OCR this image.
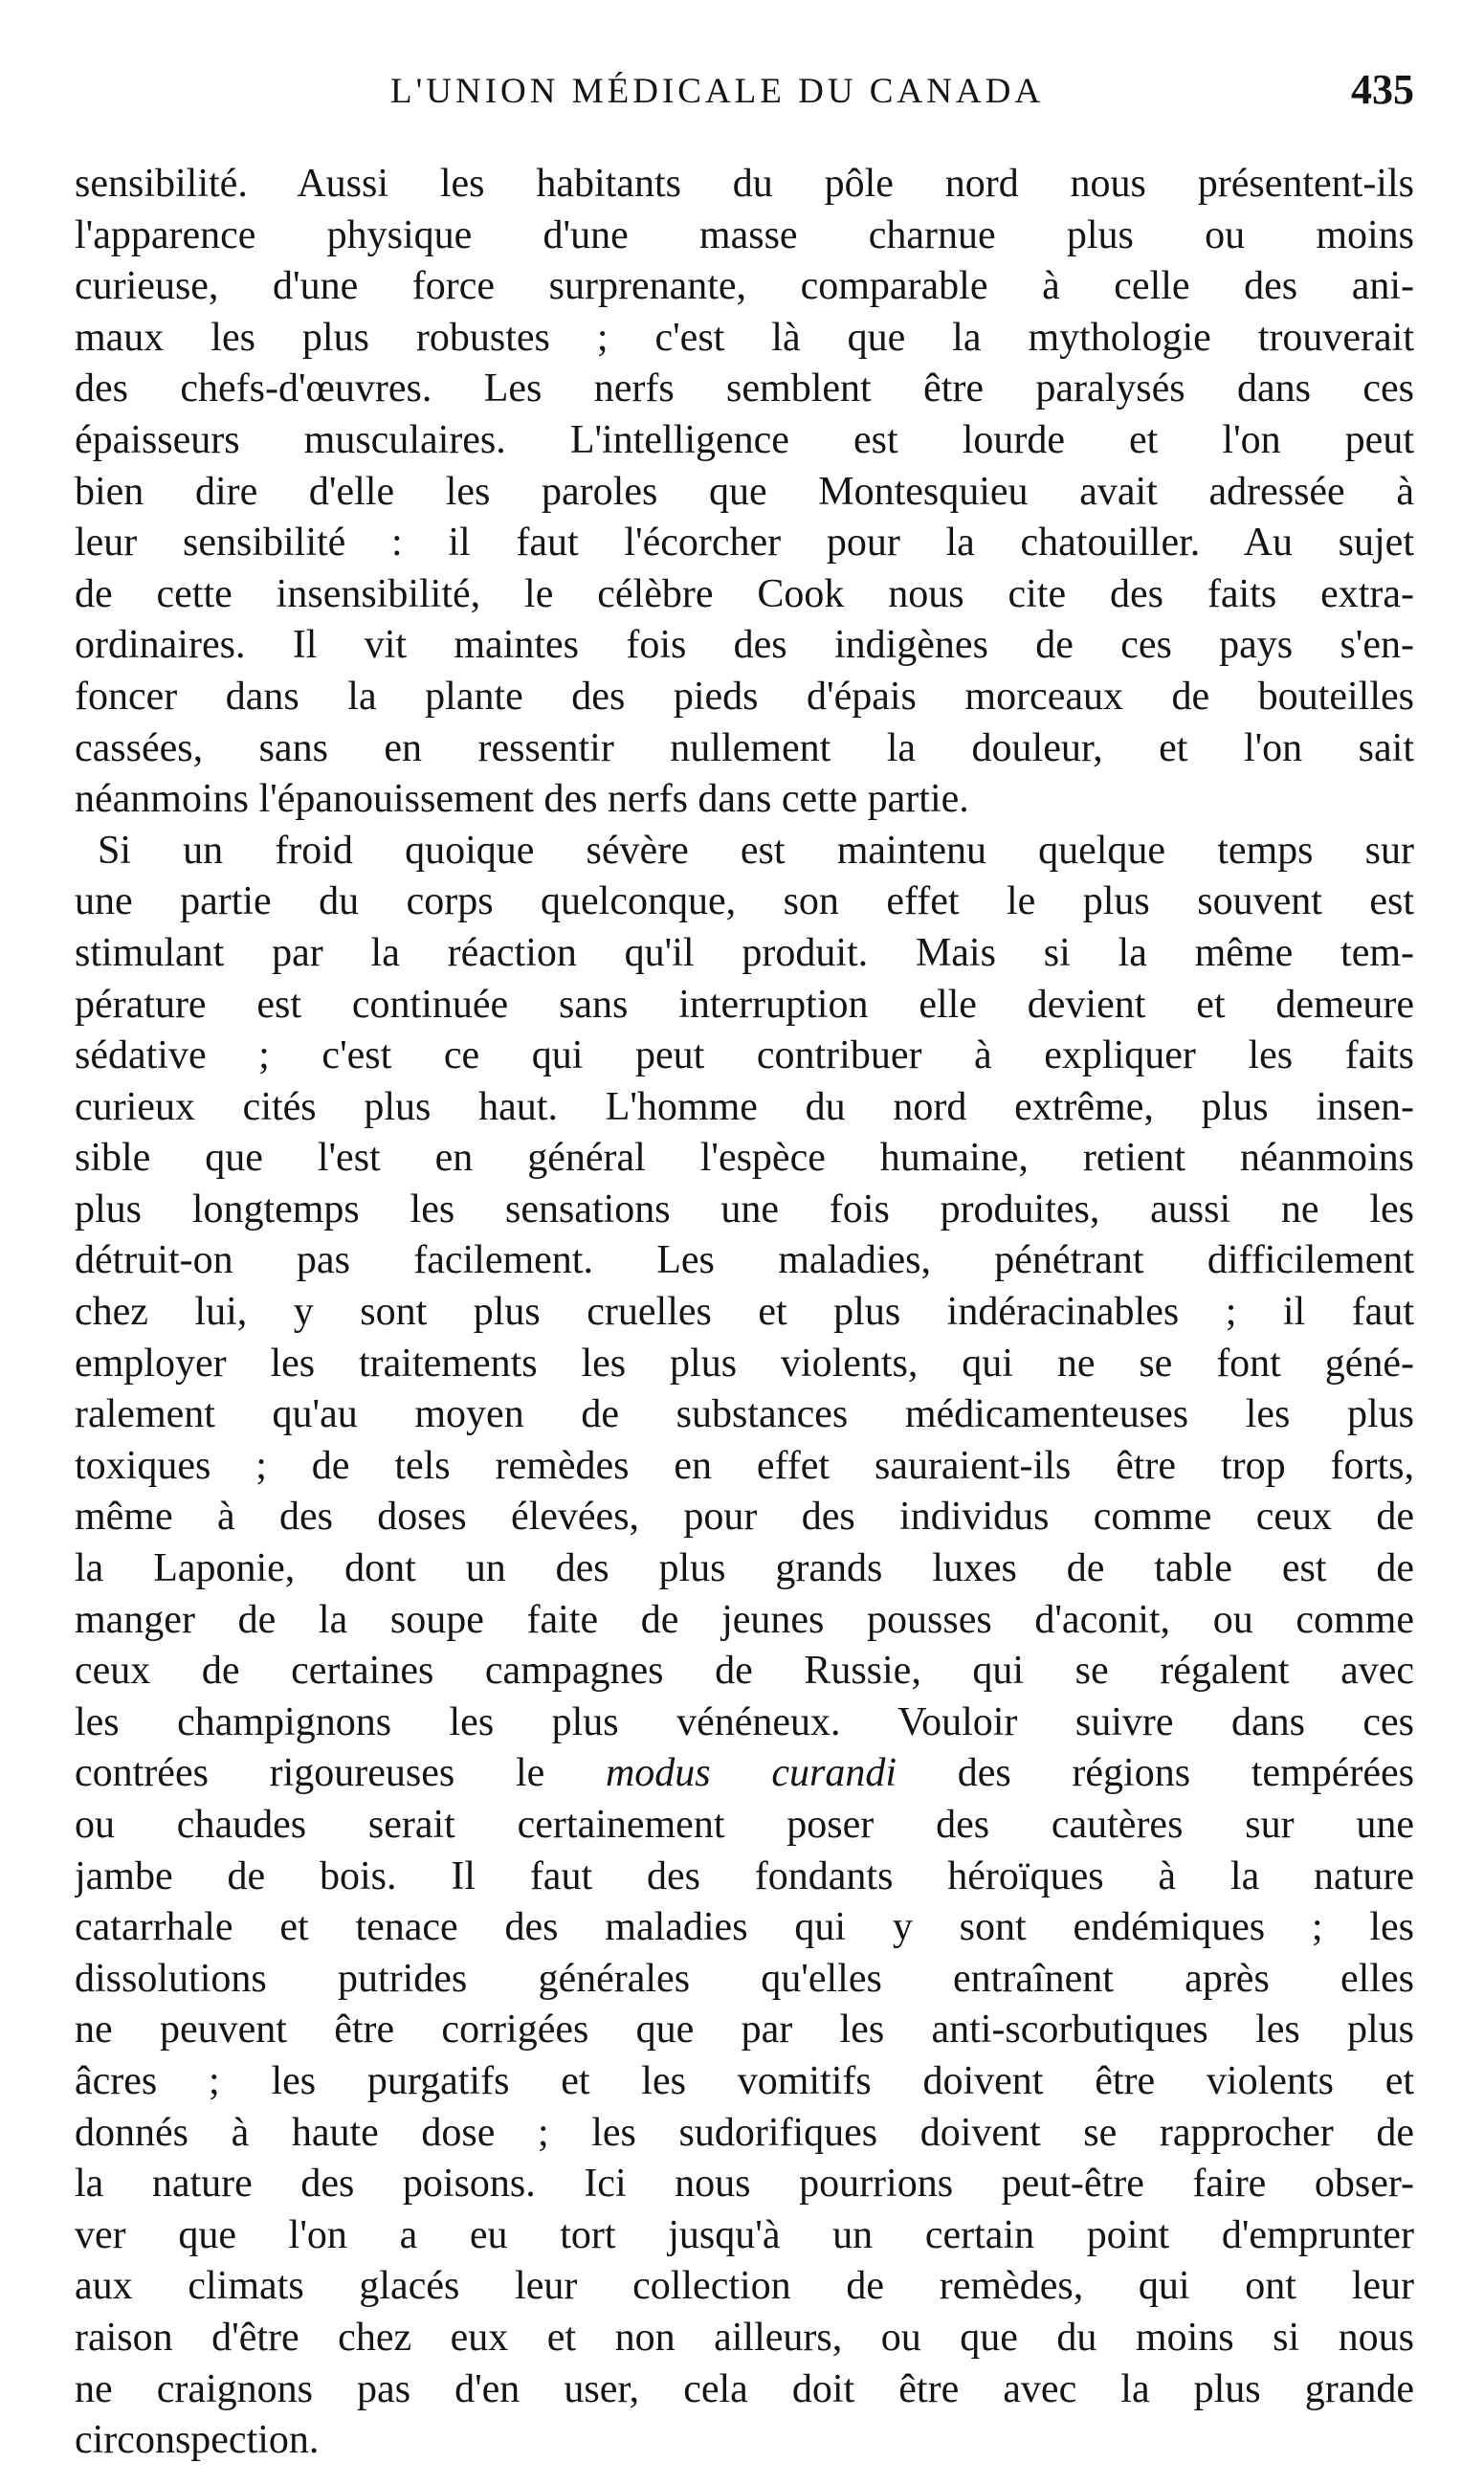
L'UNION MÉDICALE DU CANADA	435
sensibilité. Aussi les habitants du pôle nord nous présentent-ils
l'apparence physique d'une masse charnue plus ou moins
curieuse, d'une force surprenante, comparable à celle des ani-
maux les plus robustes ; c'est là que la mythologie trouverait
des chefs-d'œuvres. Les nerfs semblent être paralysés dans ces
épaisseurs musculaires. L'intelligence est lourde et l'on peut
bien dire d'elle les paroles que Montesquieu avait adressée à
leur sensibilité : il faut l'écorcher pour la chatouiller. Au sujet
de cette insensibilité, le célèbre Cook nous cite des faits extra-
ordinaires. Il vit maintes fois des indigènes de ces pays s'en-
foncer dans la plante des pieds d'épais morceaux de bouteilles
cassées, sans en ressentir nullement la douleur, et l'on sait
néanmoins l'épanouissement des nerfs dans cette partie.
Si un froid quoique sévère est maintenu quelque temps sur
une partie du corps quelconque, son effet le plus souvent est
stimulant par la réaction qu'il produit. Mais si la même tem-
pérature est continuée sans interruption elle devient et demeure
sédative ; c'est ce qui peut contribuer à expliquer les faits
curieux cités plus haut. L'homme du nord extrême, plus insen-
sible que l'est en général l'espèce humaine, retient néanmoins
plus longtemps les sensations une fois produites, aussi ne les
détruit-on pas facilement. Les maladies, pénétrant difficilement
chez lui, y sont plus cruelles et plus indéracinables ; il faut
employer les traitements les plus violents, qui ne se font géné-
ralement qu'au moyen de substances médicamenteuses les plus
toxiques ; de tels remèdes en effet sauraient-ils être trop forts,
même à des doses élevées, pour des individus comme ceux de
la Laponie, dont un des plus grands luxes de table est de
manger de la soupe faite de jeunes pousses d'aconit, ou comme
ceux de certaines campagnes de Russie, qui se régalent avec
les champignons les plus vénéneux. Vouloir suivre dans ces
contrées rigoureuses le modus curandi des régions tempérées
ou chaudes serait certainement poser des cautères sur une
jambe de bois. Il faut des fondants héroïques à la nature
catarrhale et tenace des maladies qui y sont endémiques ; les
dissolutions putrides générales qu'elles entraînent après elles
ne peuvent être corrigées que par les anti-scorbutiques les plus
âcres ; les purgatifs et les vomitifs doivent être violents et
donnés à haute dose ; les sudorifiques doivent se rapprocher de
la nature des poisons. Ici nous pourrions peut-être faire obser-
ver que l'on a eu tort jusqu'à un certain point d'emprunter
aux climats glacés leur collection de remèdes, qui ont leur
raison d'être chez eux et non ailleurs, ou que du moins si nous
ne craignons pas d'en user, cela doit être avec la plus grande
circonspection.
